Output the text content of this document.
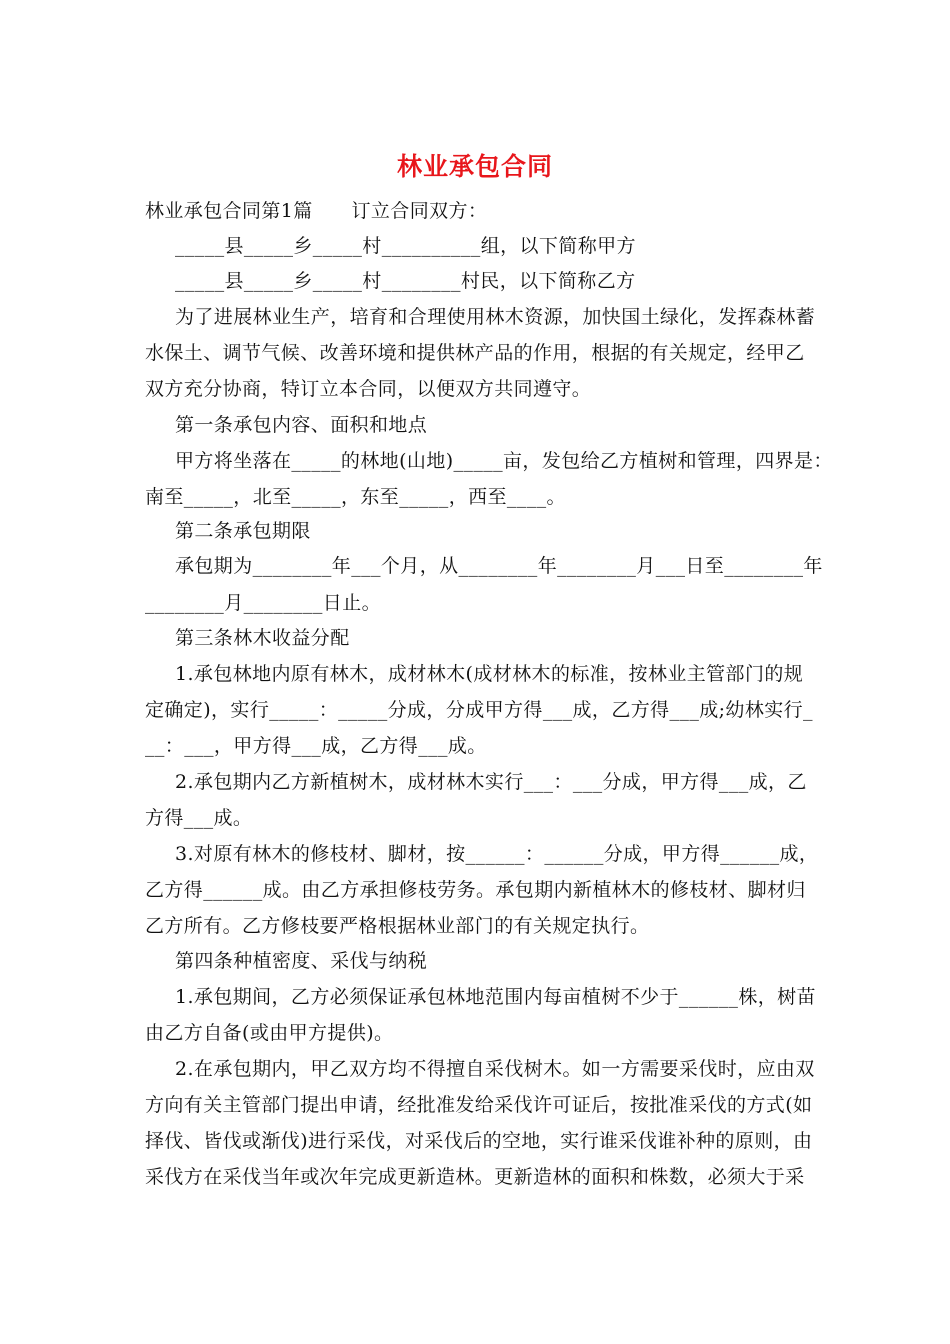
林业承包合同
林业承包合同第1篇　　订立合同双方：
_____县_____乡_____村__________组，以下简称甲方
_____县_____乡_____村________村民，以下简称乙方
为了进展林业生产，培育和合理使用林木资源，加快国土绿化，发挥森林蓄
水保土、调节气候、改善环境和提供林产品的作用，根据的有关规定，经甲乙
双方充分协商，特订立本合同，以便双方共同遵守。
第一条承包内容、面积和地点
甲方将坐落在_____的林地(山地)_____亩，发包给乙方植树和管理，四界是：
南至_____，北至_____，东至_____，西至____。
第二条承包期限
承包期为________年___个月，从________年________月___日至________年
________月________日止。
第三条林木收益分配
1.承包林地内原有林木，成材林木(成材林木的标准，按林业主管部门的规
定确定)，实行_____：_____分成，分成甲方得___成，乙方得___成;幼林实行_
__：___，甲方得___成，乙方得___成。
2.承包期内乙方新植树木，成材林木实行___：___分成，甲方得___成，乙
方得___成。
3.对原有林木的修枝材、脚材，按______：______分成，甲方得______成，
乙方得______成。由乙方承担修枝劳务。承包期内新植林木的修枝材、脚材归
乙方所有。乙方修枝要严格根据林业部门的有关规定执行。
第四条种植密度、采伐与纳税
1.承包期间，乙方必须保证承包林地范围内每亩植树不少于______株，树苗
由乙方自备(或由甲方提供)。
2.在承包期内，甲乙双方均不得擅自采伐树木。如一方需要采伐时，应由双
方向有关主管部门提出申请，经批准发给采伐许可证后，按批准采伐的方式(如
择伐、皆伐或渐伐)进行采伐，对采伐后的空地，实行谁采伐谁补种的原则，由
采伐方在采伐当年或次年完成更新造林。更新造林的面积和株数，必须大于采
